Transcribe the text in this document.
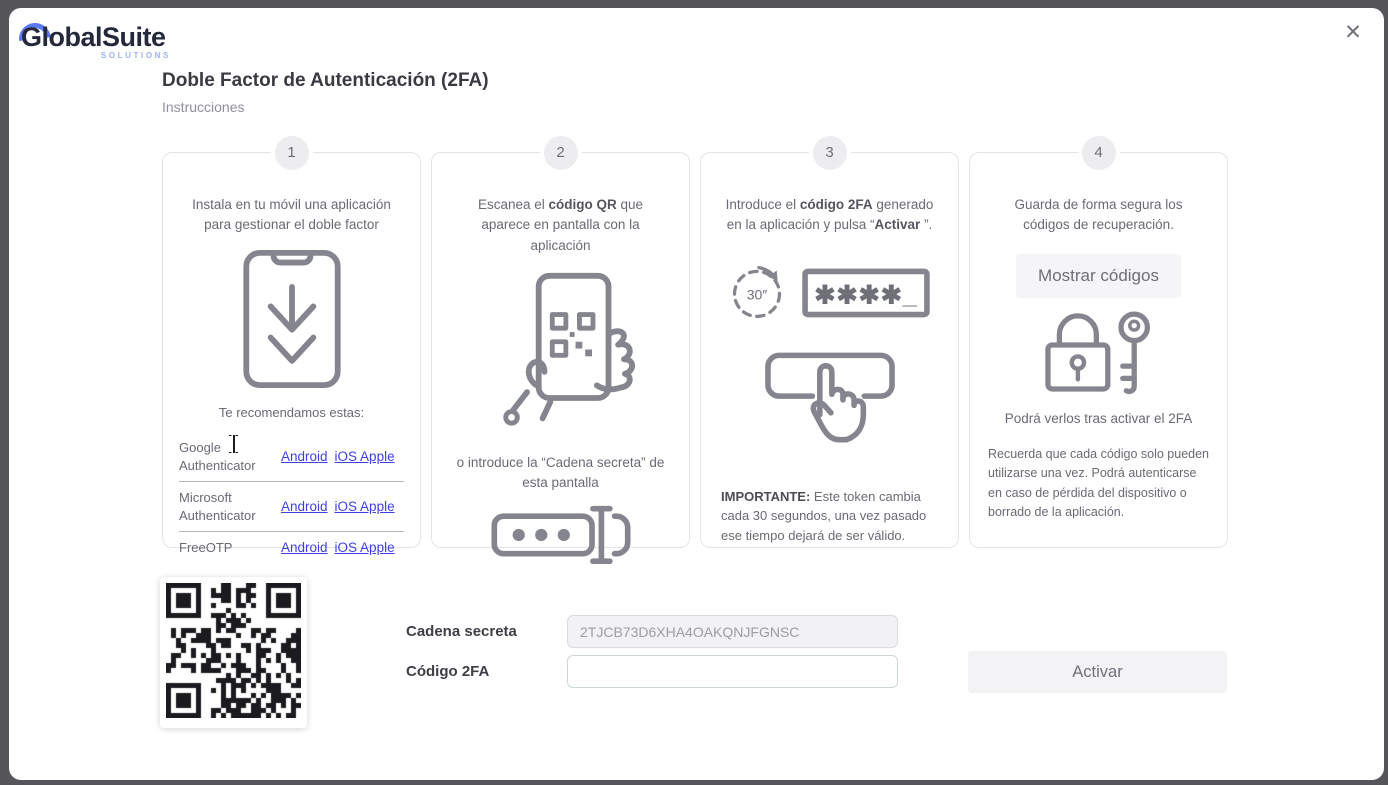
GlobalSuite
SOLUTIONS
✕
Doble Factor de Autenticación (2FA)
Instrucciones
1

Instala en tu móvil una aplicación para gestionar el doble factor

Te recomendamos estas:

Google Authenticator
Android iOS Apple
Microsoft Authenticator
Android iOS Apple
FreeOTP	Android iOS Apple
2

Escanea el código QR que aparece en pantalla con la aplicación

o introduce la “Cadena secreta” de esta pantalla

3

Introduce el código 2FA generado en la aplicación y pulsa “Activar ”.

30″ ✱✱✱✱_

IMPORTANTE: Este token cambia cada 30 segundos, una vez pasado ese tiempo dejará de ser válido.

4

Guarda de forma segura los códigos de recuperación.

Mostrar códigos

Podrá verlos tras activar el 2FA

Recuerda que cada código solo pueden utilizarse una vez. Podrá autenticarse en caso de pérdida del dispositivo o borrado de la aplicación.

Cadena secreta
2TJCB73D6XHA4OAKQNJFGNSC
Código 2FA	Activar
